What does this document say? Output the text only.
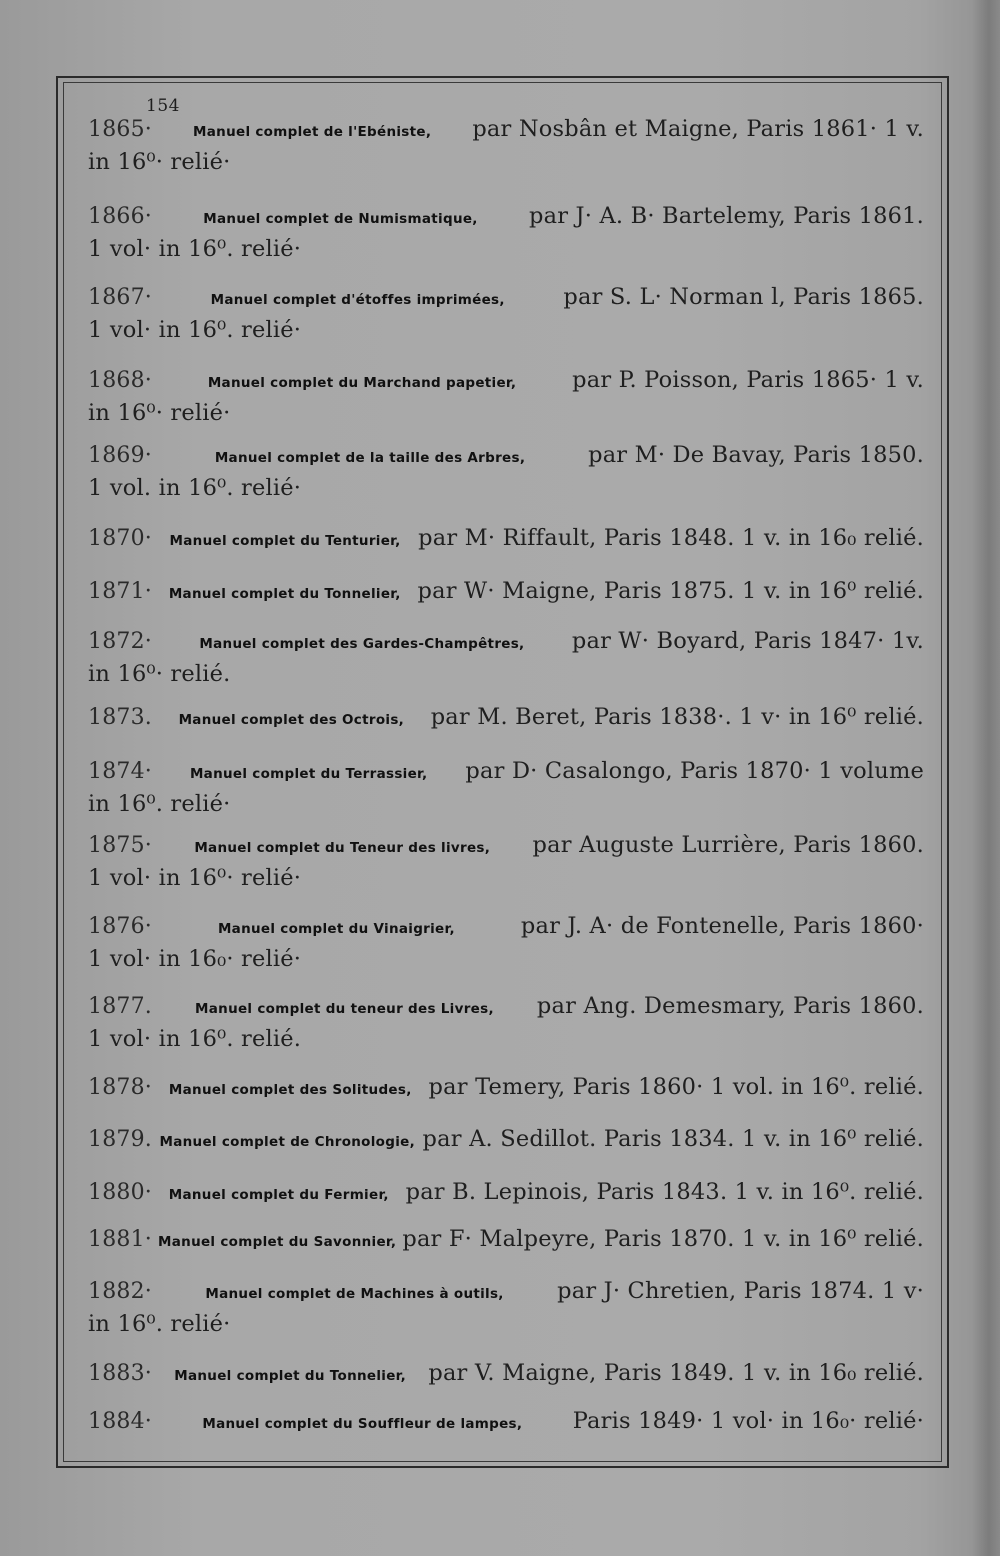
154
1865·	Manuel complet de l'Ebéniste, par Nosbân et Maigne, Paris 1861· 1 v.
in 16⁰· relié·
1866·	Manuel complet de Numismatique, par J· A. B· Bartelemy, Paris 1861.
1 vol· in 16⁰. relié·
1867·	Manuel complet d'étoffes imprimées,	par S. L· Norman l, Paris 1865.
1 vol· in 16⁰. relié·
1868·	Manuel complet du Marchand papetier, par P. Poisson, Paris 1865· 1 v.
in 16⁰· relié·
1869·	Manuel complet de la taille des Arbres,	par M· De Bavay, Paris 1850.
1 vol. in 16⁰. relié·
1870· Manuel complet du Tenturier, par M· Riffault, Paris 1848. 1 v. in 16₀ relié.
1871· Manuel complet du Tonnelier, par W· Maigne, Paris 1875. 1 v. in 16⁰ relié.
1872·	Manuel complet des Gardes-Champêtres, par W· Boyard, Paris 1847· 1v.
in 16⁰· relié.
1873. Manuel complet des Octrois, par M. Beret, Paris 1838·. 1 v· in 16⁰ relié.
1874·	Manuel complet du Terrassier, par D· Casalongo, Paris 1870· 1 volume
in 16⁰. relié·
1875·	Manuel complet du Teneur des livres, par Auguste Lurrière, Paris 1860.
1 vol· in 16⁰· relié·
1876·	Manuel complet du Vinaigrier,	par J. A· de Fontenelle, Paris 1860·
1 vol· in 16₀· relié·
1877.	Manuel complet du teneur des Livres, par Ang. Demesmary, Paris 1860.
1 vol· in 16⁰. relié.
1878· Manuel complet des Solitudes, par Temery, Paris 1860· 1 vol. in 16⁰. relié.
1879. Manuel complet de Chronologie, par A. Sedillot. Paris 1834. 1 v. in 16⁰ relié.
1880· Manuel complet du Fermier, par B. Lepinois, Paris 1843. 1 v. in 16⁰. relié.
1881· Manuel complet du Savonnier, par F· Malpeyre, Paris 1870. 1 v. in 16⁰ relié.
1882·	Manuel complet de Machines à outils, par J· Chretien, Paris 1874. 1 v·
in 16⁰. relié·
1883· Manuel complet du Tonnelier, par V. Maigne, Paris 1849. 1 v. in 16₀ relié.
1884·	Manuel complet du Souffleur de lampes, Paris 1849· 1 vol· in 16₀· relié·
